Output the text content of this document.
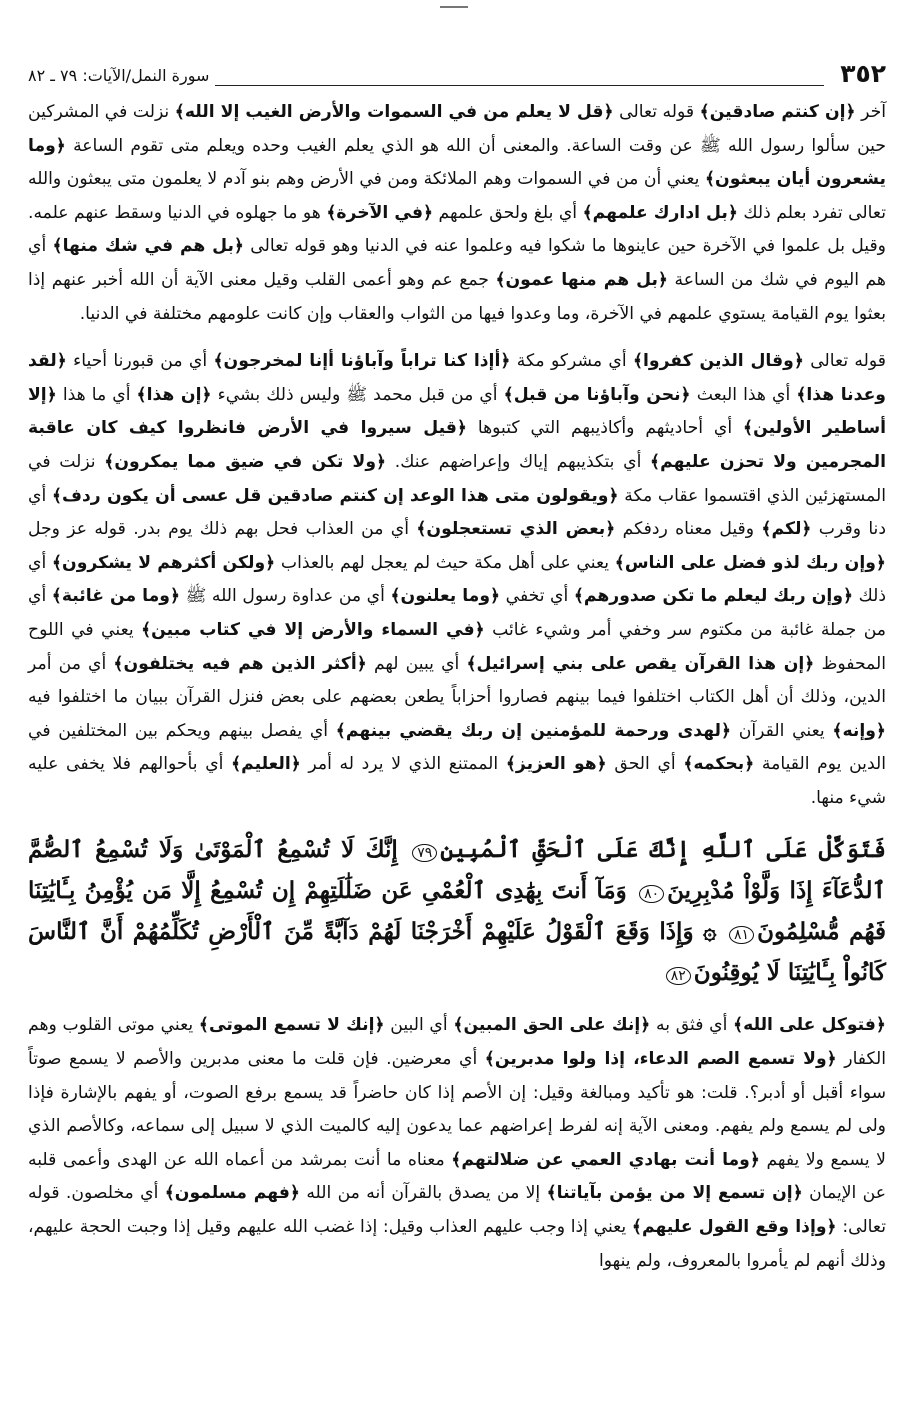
٣٥٢
سورة النمل/الآيات: ٧٩ ـ ٨٢

آخر ﴿إن كنتم صادقين﴾ قوله تعالى ﴿قل لا يعلم من في السموات والأرض الغيب إلا الله﴾ نزلت في المشركين حين سألوا رسول الله ﷺ عن وقت الساعة. والمعنى أن الله هو الذي يعلم الغيب وحده ويعلم متى تقوم الساعة ﴿وما يشعرون أيان يبعثون﴾ يعني أن من في السموات وهم الملائكة ومن في الأرض وهم بنو آدم لا يعلمون متى يبعثون والله تعالى تفرد بعلم ذلك ﴿بل ادارك علمهم﴾ أي بلغ ولحق علمهم ﴿في الآخرة﴾ هو ما جهلوه في الدنيا وسقط عنهم علمه. وقيل بل علموا في الآخرة حين عاينوها ما شكوا فيه وعلموا عنه في الدنيا وهو قوله تعالى ﴿بل هم في شك منها﴾ أي هم اليوم في شك من الساعة ﴿بل هم منها عمون﴾ جمع عم وهو أعمى القلب وقيل معنى الآية أن الله أخبر عنهم إذا بعثوا يوم القيامة يستوي علمهم في الآخرة، وما وعدوا فيها من الثواب والعقاب وإن كانت علومهم مختلفة في الدنيا.

قوله تعالى ﴿وقال الذين كفروا﴾ أي مشركو مكة ﴿أإذا كنا تراباً وآباؤنا أإنا لمخرجون﴾ أي من قبورنا أحياء ﴿لقد وعدنا هذا﴾ أي هذا البعث ﴿نحن وآباؤنا من قبل﴾ أي من قبل محمد ﷺ وليس ذلك بشيء ﴿إن هذا﴾ أي ما هذا ﴿إلا أساطير الأولين﴾ أي أحاديثهم وأكاذيبهم التي كتبوها ﴿قيل سيروا في الأرض فانظروا كيف كان عاقبة المجرمين ولا تحزن عليهم﴾ أي بتكذيبهم إياك وإعراضهم عنك. ﴿ولا تكن في ضيق مما يمكرون﴾ نزلت في المستهزئين الذي اقتسموا عقاب مكة ﴿ويقولون متى هذا الوعد إن كنتم صادقين قل عسى أن يكون ردف﴾ أي دنا وقرب ﴿لكم﴾ وقيل معناه ردفكم ﴿بعض الذي تستعجلون﴾ أي من العذاب فحل بهم ذلك يوم بدر. قوله عز وجل ﴿وإن ربك لذو فضل على الناس﴾ يعني على أهل مكة حيث لم يعجل لهم بالعذاب ﴿ولكن أكثرهم لا يشكرون﴾ أي ذلك ﴿وإن ربك ليعلم ما تكن صدورهم﴾ أي تخفي ﴿وما يعلنون﴾ أي من عداوة رسول الله ﷺ ﴿وما من غائبة﴾ أي من جملة غائبة من مكتوم سر وخفي أمر وشيء غائب ﴿في السماء والأرض إلا في كتاب مبين﴾ يعني في اللوح المحفوظ ﴿إن هذا القرآن يقص على بني إسرائيل﴾ أي يبين لهم ﴿أكثر الذين هم فيه يختلفون﴾ أي من أمر الدين، وذلك أن أهل الكتاب اختلفوا فيما بينهم فصاروا أحزاباً يطعن بعضهم على بعض فنزل القرآن ببيان ما اختلفوا فيه ﴿وإنه﴾ يعني القرآن ﴿لهدى ورحمة للمؤمنين إن ربك يقضي بينهم﴾ أي يفصل بينهم ويحكم بين المختلفين في الدين يوم القيامة ﴿بحكمه﴾ أي الحق ﴿هو العزيز﴾ الممتنع الذي لا يرد له أمر ﴿العليم﴾ أي بأحوالهم فلا يخفى عليه شيء منها.

فَتَوَكَّلْ عَلَى ٱللَّهِ إِنَّكَ عَلَى ٱلْحَقِّ ٱلْمُبِينِ٧٩ إِنَّكَ لَا تُسْمِعُ ٱلْمَوْتَىٰ وَلَا تُسْمِعُ ٱلصُّمَّ ٱلدُّعَآءَ إِذَا وَلَّوْاْ مُدْبِرِينَ٨٠ وَمَآ أَنتَ بِهَٰدِى ٱلْعُمْىِ عَن ضَلَٰلَتِهِمْ إِن تُسْمِعُ إِلَّا مَن يُؤْمِنُ بِـَٔايَٰتِنَا فَهُم مُّسْلِمُونَ٨١ ۞ وَإِذَا وَقَعَ ٱلْقَوْلُ عَلَيْهِمْ أَخْرَجْنَا لَهُمْ دَآبَّةً مِّنَ ٱلْأَرْضِ تُكَلِّمُهُمْ أَنَّ ٱلنَّاسَ كَانُواْ بِـَٔايَٰتِنَا لَا يُوقِنُونَ٨٢

﴿فتوكل على الله﴾ أي فثق به ﴿إنك على الحق المبين﴾ أي البين ﴿إنك لا تسمع الموتى﴾ يعني موتى القلوب وهم الكفار ﴿ولا تسمع الصم الدعاء، إذا ولوا مدبرين﴾ أي معرضين. فإن قلت ما معنى مدبرين والأصم لا يسمع صوتاً سواء أقبل أو أدبر؟. قلت: هو تأكيد ومبالغة وقيل: إن الأصم إذا كان حاضراً قد يسمع برفع الصوت، أو يفهم بالإشارة فإذا ولى لم يسمع ولم يفهم. ومعنى الآية إنه لفرط إعراضهم عما يدعون إليه كالميت الذي لا سبيل إلى سماعه، وكالأصم الذي لا يسمع ولا يفهم ﴿وما أنت بهادي العمي عن ضلالتهم﴾ معناه ما أنت بمرشد من أعماه الله عن الهدى وأعمى قلبه عن الإيمان ﴿إن تسمع إلا من يؤمن بآياتنا﴾ إلا من يصدق بالقرآن أنه من الله ﴿فهم مسلمون﴾ أي مخلصون. قوله تعالى: ﴿وإذا وقع القول عليهم﴾ يعني إذا وجب عليهم العذاب وقيل: إذا غضب الله عليهم وقيل إذا وجبت الحجة عليهم، وذلك أنهم لم يأمروا بالمعروف، ولم ينهوا
